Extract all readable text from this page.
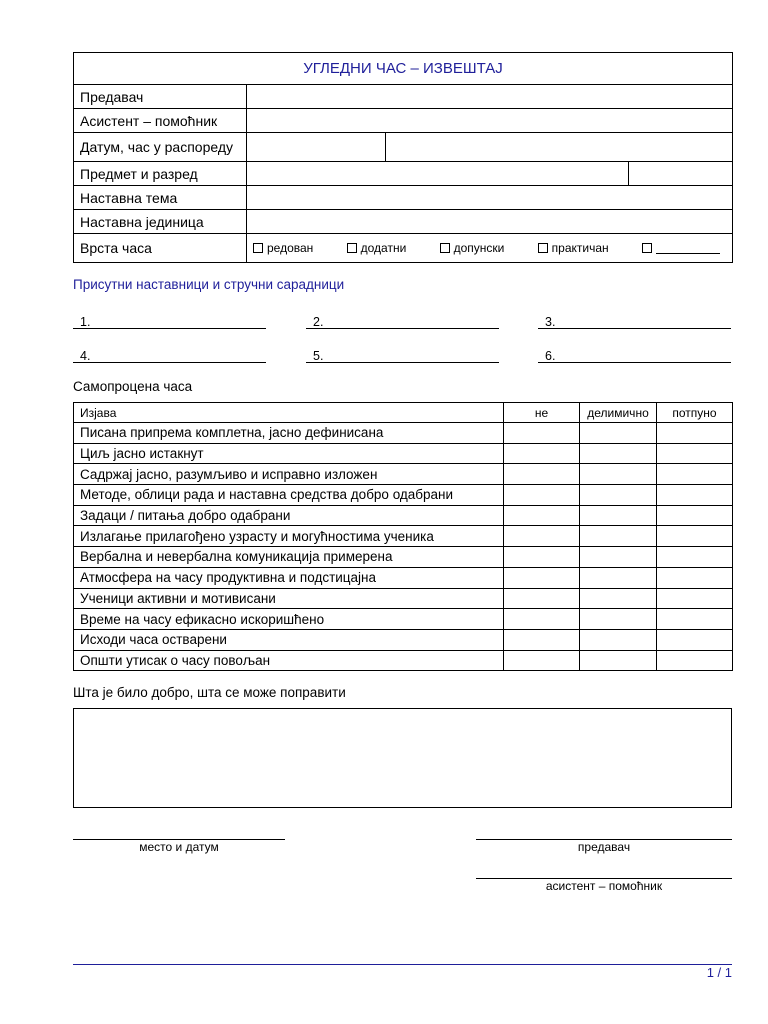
УГЛЕДНИ ЧАС – ИЗВЕШТАЈ			
Предавач			
Асистент – помоћник			
Датум, час у распореду			
Предмет и разред			
Наставна тема			
Наставна јединица			
Врста часа	редован додатни допунски практичан		
Присутни наставници и стручни сарадници
1.	2.	3.
4.	5.	6.
Самопроцена часа
Изјава	не	делимично	потпуно
Писана припрема комплетна, јасно дефинисана			
Циљ јасно истакнут			
Садржај јасно, разумљиво и исправно изложен			
Методе, облици рада и наставна средства добро одабрани			
Задаци / питања добро одабрани			
Излагање прилагођено узрасту и могућностима ученика			
Вербална и невербална комуникација примерена			
Атмосфера на часу продуктивна и подстицајна			
Ученици активни и мотивисани			
Време на часу ефикасно искоришћено			
Исходи часа остварени			
Општи утисак о часу повољан			
Шта је било добро, шта се може поправити
место и датум	предавач
асистент – помоћник
1 / 1
